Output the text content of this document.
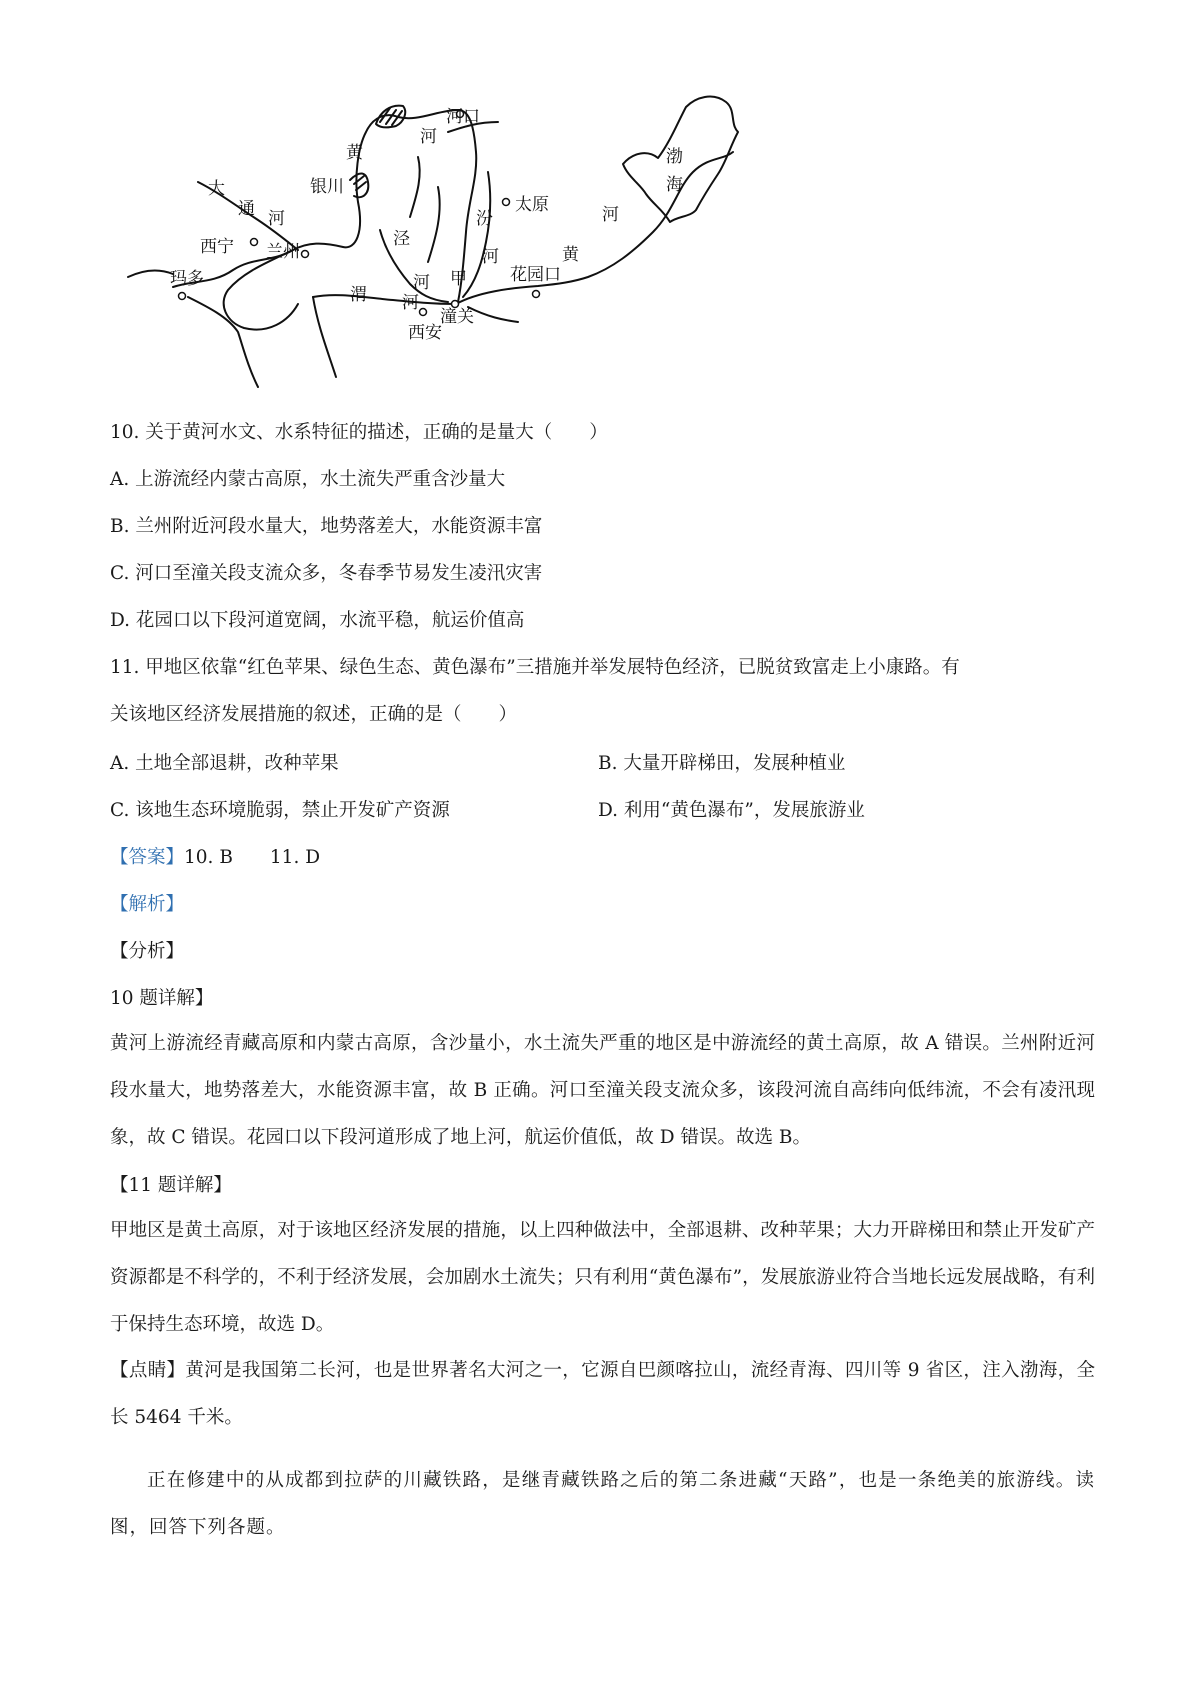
河口
黄
河
银川
渤
海
大
通 河
西宁 兰州
玛多
太原
汾
河
泾
河 甲
渭 河
西安
潼关
花园口
黄
河
10. 关于黄河水文、水系特征的描述，正确的是量大（　　）
A. 上游流经内蒙古高原，水土流失严重含沙量大
B. 兰州附近河段水量大，地势落差大，水能资源丰富
C. 河口至潼关段支流众多，冬春季节易发生凌汛灾害
D. 花园口以下段河道宽阔，水流平稳，航运价值高
11. 甲地区依靠“红色苹果、绿色生态、黄色瀑布”三措施并举发展特色经济，已脱贫致富走上小康路。有
关该地区经济发展措施的叙述，正确的是（　　）
A. 土地全部退耕，改种苹果	B. 大量开辟梯田，发展种植业
C. 该地生态环境脆弱，禁止开发矿产资源	D. 利用“黄色瀑布”，发展旅游业
【答案】10. B　　11. D
【解析】
【分析】
10 题详解】
黄河上游流经青藏高原和内蒙古高原，含沙量小，水土流失严重的地区是中游流经的黄土高原，故 A 错误。兰州附近河段水量大，地势落差大，水能资源丰富，故 B 正确。河口至潼关段支流众多，该段河流自高纬向低纬流，不会有凌汛现象，故 C 错误。花园口以下段河道形成了地上河，航运价值低，故 D 错误。故选 B。
【11 题详解】
甲地区是黄土高原，对于该地区经济发展的措施，以上四种做法中，全部退耕、改种苹果；大力开辟梯田和禁止开发矿产资源都是不科学的，不利于经济发展，会加剧水土流失；只有利用“黄色瀑布”，发展旅游业符合当地长远发展战略，有利于保持生态环境，故选 D。
【点睛】黄河是我国第二长河，也是世界著名大河之一，它源自巴颜喀拉山，流经青海、四川等 9 省区，注入渤海，全长 5464 千米。
正在修建中的从成都到拉萨的川藏铁路，是继青藏铁路之后的第二条进藏“天路”，也是一条绝美的旅游线。读图，回答下列各题。
